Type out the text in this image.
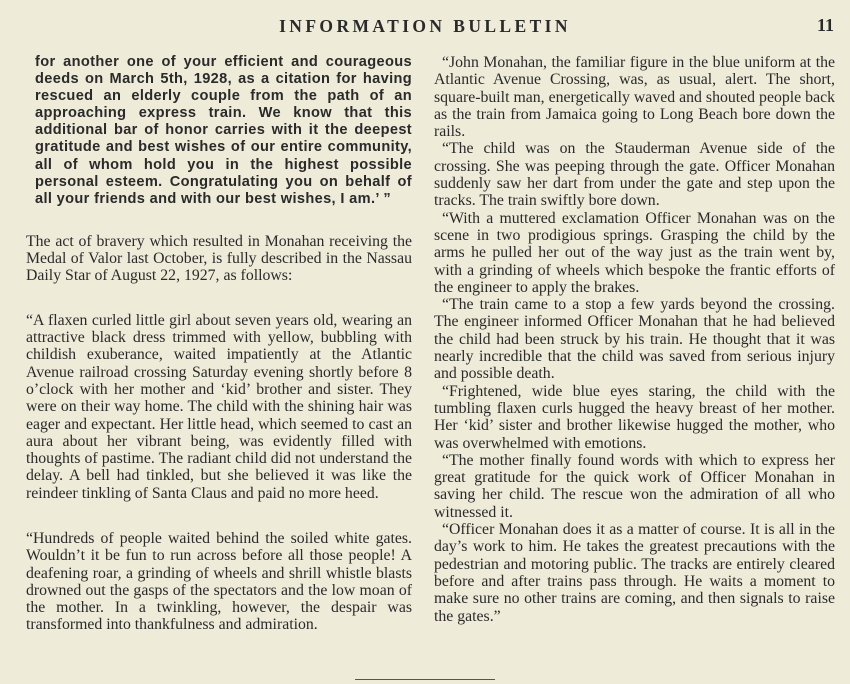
INFORMATION BULLETIN	11

for another one of your efficient and courageous deeds on March 5th, 1928, as a citation for having rescued an elderly couple from the path of an approaching express train. We know that this additional bar of honor carries with it the deepest gratitude and best wishes of our entire community, all of whom hold you in the highest possible personal esteem. Congratulating you on behalf of all your friends and with our best wishes, I am.’ ”

The act of bravery which resulted in Monahan receiving the Medal of Valor last October, is fully described in the Nassau Daily Star of August 22, 1927, as follows:

“A flaxen curled little girl about seven years old, wearing an attractive black dress trimmed with yellow, bubbling with childish exuberance, waited impatiently at the Atlantic Avenue railroad crossing Saturday evening shortly before 8 o’clock with her mother and ‘kid’ brother and sister. They were on their way home. The child with the shining hair was eager and expectant. Her little head, which seemed to cast an aura about her vibrant being, was evidently filled with thoughts of pastime. The radiant child did not understand the delay. A bell had tinkled, but she believed it was like the reindeer tinkling of Santa Claus and paid no more heed.

“Hundreds of people waited behind the soiled white gates. Wouldn’t it be fun to run across before all those people! A deafening roar, a grinding of wheels and shrill whistle blasts drowned out the gasps of the spectators and the low moan of the mother. In a twinkling, however, the despair was transformed into thankfulness and admiration.

“John Monahan, the familiar figure in the blue uniform at the Atlantic Avenue Crossing, was, as usual, alert. The short, square-built man, energetically waved and shouted people back as the train from Jamaica going to Long Beach bore down the rails.

“The child was on the Stauderman Avenue side of the crossing. She was peeping through the gate. Officer Monahan suddenly saw her dart from under the gate and step upon the tracks. The train swiftly bore down.

“With a muttered exclamation Officer Monahan was on the scene in two prodigious springs. Grasping the child by the arms he pulled her out of the way just as the train went by, with a grinding of wheels which bespoke the frantic efforts of the engineer to apply the brakes.

“The train came to a stop a few yards beyond the crossing. The engineer informed Officer Monahan that he had believed the child had been struck by his train. He thought that it was nearly incredible that the child was saved from serious injury and possible death.

“Frightened, wide blue eyes staring, the child with the tumbling flaxen curls hugged the heavy breast of her mother. Her ‘kid’ sister and brother likewise hugged the mother, who was overwhelmed with emotions.

“The mother finally found words with which to express her great gratitude for the quick work of Officer Monahan in saving her child. The rescue won the admiration of all who witnessed it.

“Officer Monahan does it as a matter of course. It is all in the day’s work to him. He takes the greatest precautions with the pedestrian and motoring public. The tracks are entirely cleared before and after trains pass through. He waits a moment to make sure no other trains are coming, and then signals to raise the gates.”
